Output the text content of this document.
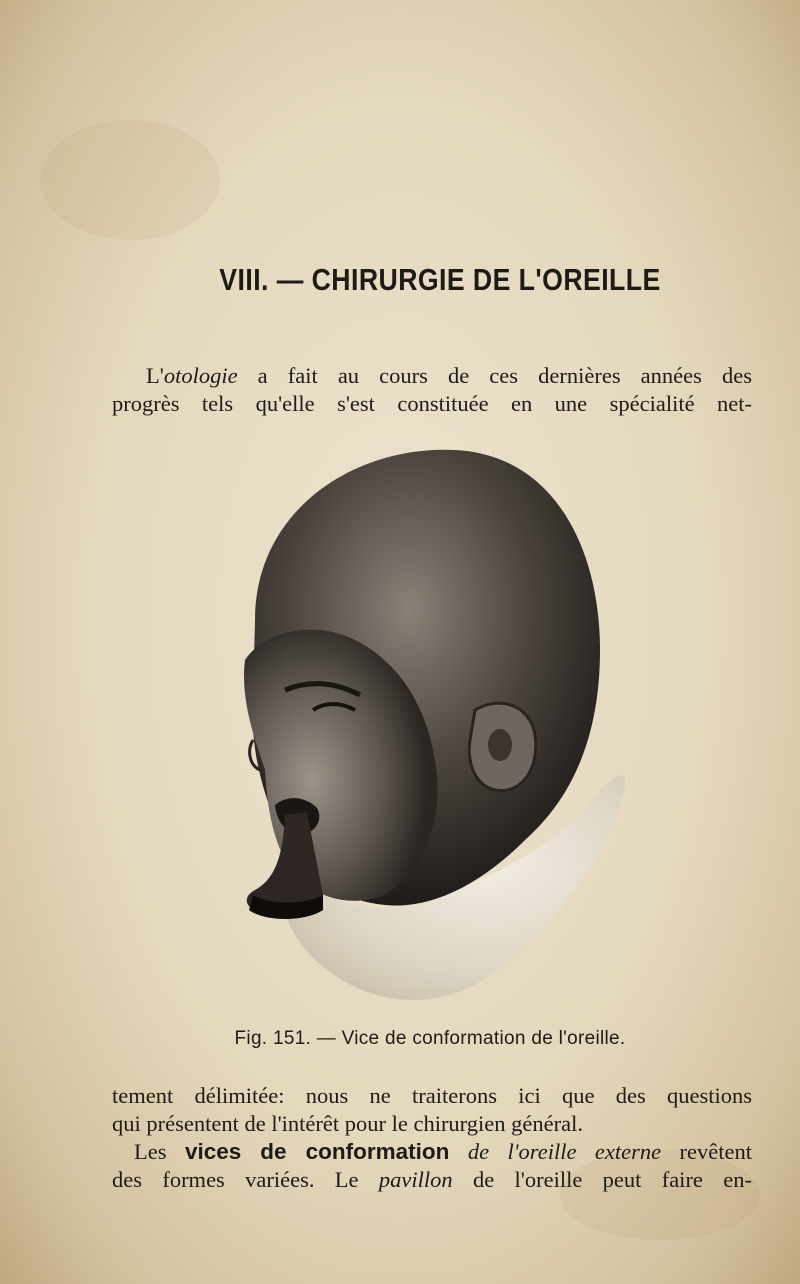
VIII. — CHIRURGIE DE L'OREILLE

L'otologie a fait au cours de ces dernières années des
progrès tels qu'elle s'est constituée en une spécialité net-

Fig. 151. — Vice de conformation de l'oreille.

tement délimitée: nous ne traiterons ici que des questions
qui présentent de l'intérêt pour le chirurgien général.
Les vices de conformation de l'oreille externe revêtent
des formes variées. Le pavillon de l'oreille peut faire en-
